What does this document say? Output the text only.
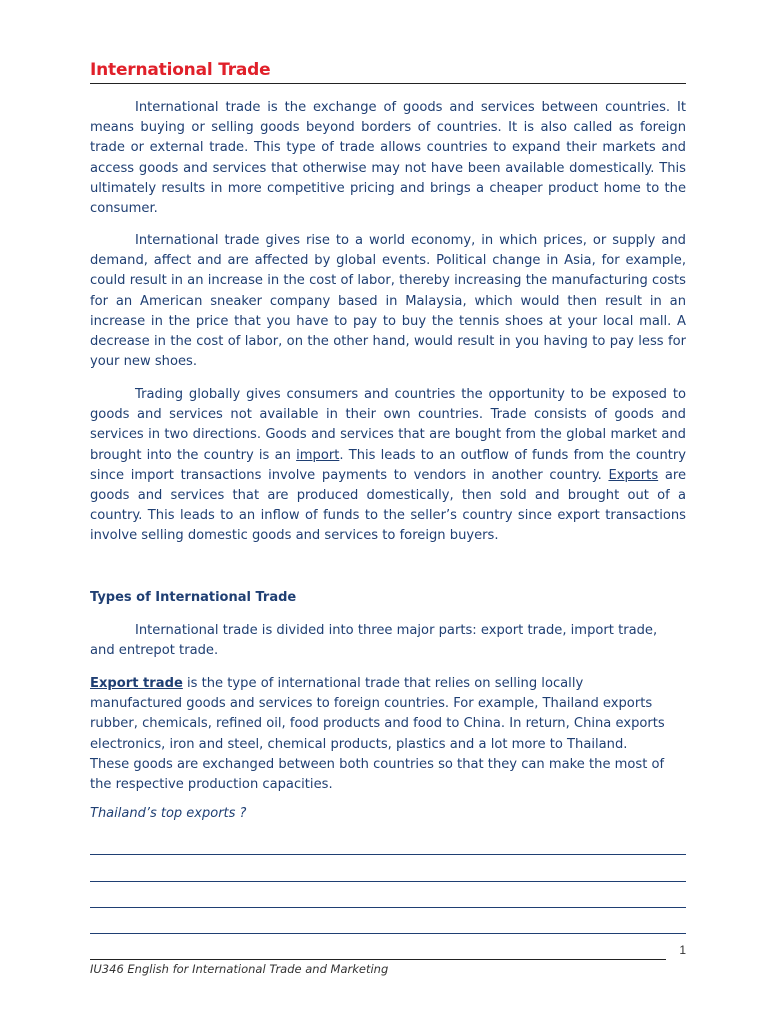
International Trade

International trade is the exchange of goods and services between countries. It means buying or selling goods beyond borders of countries. It is also called as foreign trade or external trade. This type of trade allows countries to expand their markets and access goods and services that otherwise may not have been available domestically. This ultimately results in more competitive pricing and brings a cheaper product home to the consumer.

International trade gives rise to a world economy, in which prices, or supply and demand, affect and are affected by global events. Political change in Asia, for example, could result in an increase in the cost of labor, thereby increasing the manufacturing costs for an American sneaker company based in Malaysia, which would then result in an increase in the price that you have to pay to buy the tennis shoes at your local mall. A decrease in the cost of labor, on the other hand, would result in you having to pay less for your new shoes.

Trading globally gives consumers and countries the opportunity to be exposed to goods and services not available in their own countries. Trade consists of goods and services in two directions. Goods and services that are bought from the global market and brought into the country is an import. This leads to an outflow of funds from the country since import transactions involve payments to vendors in another country. Exports are goods and services that are produced domestically, then sold and brought out of a country. This leads to an inflow of funds to the seller’s country since export transactions involve selling domestic goods and services to foreign buyers.

Types of International Trade

International trade is divided into three major parts: export trade, import trade, and entrepot trade.

Export trade is the type of international trade that relies on selling locally manufactured goods and services to foreign countries. For example, Thailand exports rubber, chemicals, refined oil, food products and food to China. In return, China exports electronics, iron and steel, chemical products, plastics and a lot more to Thailand. These goods are exchanged between both countries so that they can make the most of the respective production capacities.

Thailand’s top exports ?
1
IU346 English for International Trade and Marketing
